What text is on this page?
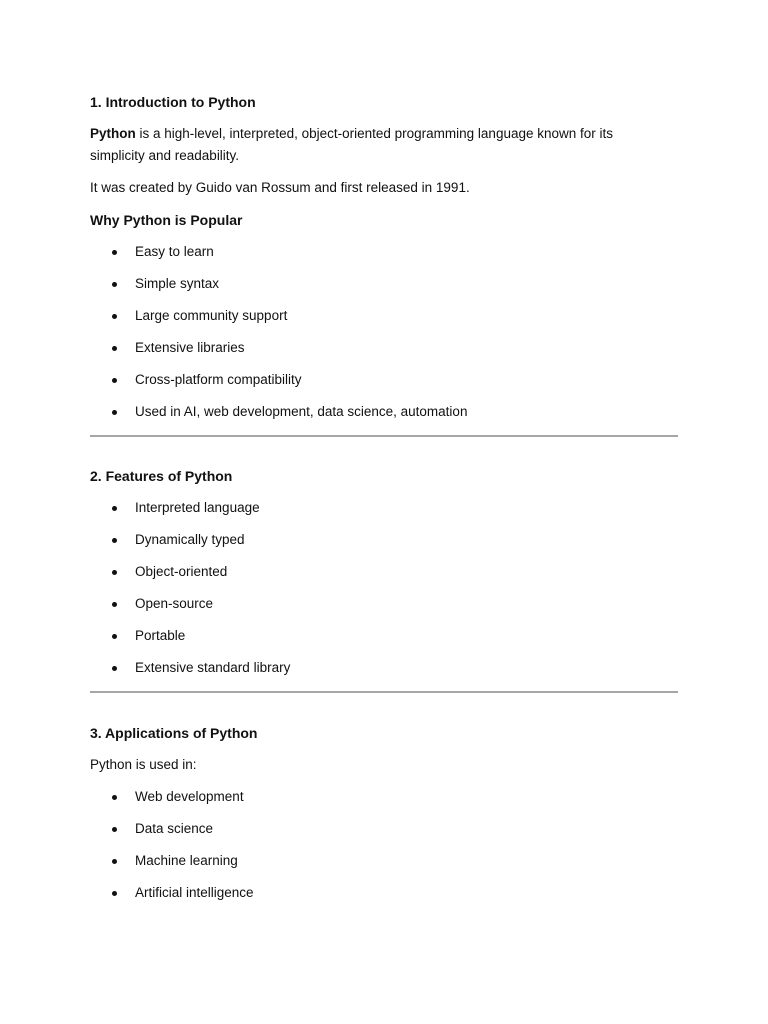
1. Introduction to Python
Python is a high-level, interpreted, object-oriented programming language known for its simplicity and readability.
It was created by Guido van Rossum and first released in 1991.
Why Python is Popular
Easy to learn
Simple syntax
Large community support
Extensive libraries
Cross-platform compatibility
Used in AI, web development, data science, automation
2. Features of Python
Interpreted language
Dynamically typed
Object-oriented
Open-source
Portable
Extensive standard library
3. Applications of Python
Python is used in:
Web development
Data science
Machine learning
Artificial intelligence
